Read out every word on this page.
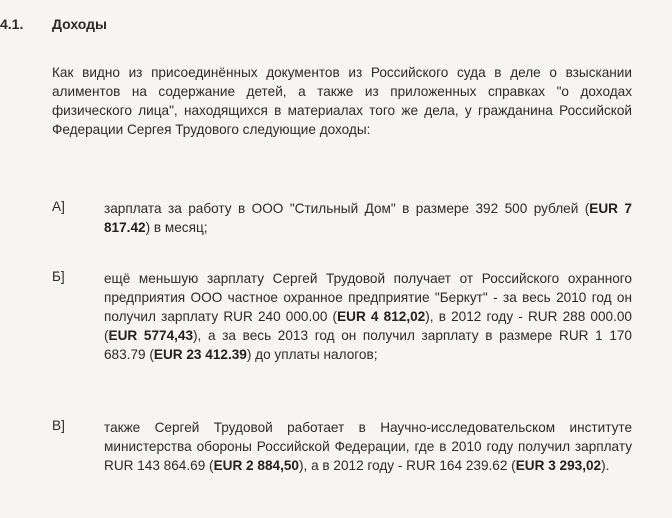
4.1. Доходы
Как видно из присоединённых документов из Российского суда в деле о взыскании алиментов на содержание детей, а также из приложенных справках "о доходах физического лица", находящихся в материалах того же дела, у гражданина Российской Федерации Сергея Трудового следующие доходы:
A]	зарплата за работу в ООО "Стильный Дом" в размере 392 500 рублей (EUR 7 817.42) в месяц;
Б]	ещё меньшую зарплату Сергей Трудовой получает от Российского охранного предприятия ООО частное охранное предприятие "Беркут" - за весь 2010 год он получил зарплату RUR 240 000.00 (EUR 4 812,02), в 2012 году - RUR 288 000.00 (EUR 5774,43), а за весь 2013 год он получил зарплату в размере RUR 1 170 683.79 (EUR 23 412.39) до уплаты налогов;
В]	также Сергей Трудовой работает в Научно-исследовательском институте министерства обороны Российской Федерации, где в 2010 году получил зарплату RUR 143 864.69 (EUR 2 884,50), а в 2012 году - RUR 164 239.62 (EUR 3 293,02).
